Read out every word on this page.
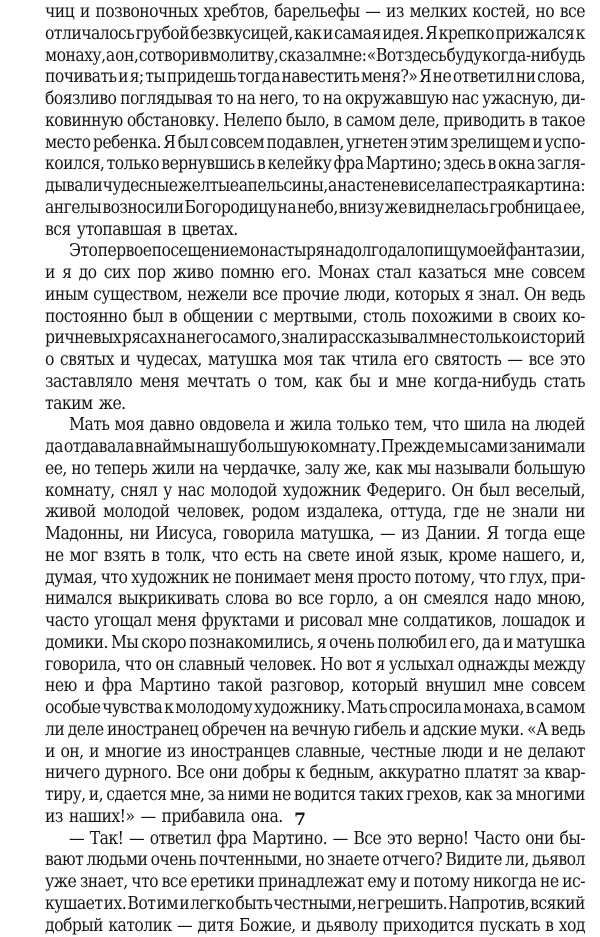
чиц и позвоночных хребтов, барельефы — из мелких костей, но все
отличалось грубой безвкусицей, как и самая идея. Я крепко прижался к
монаху, а он, сотворив молитву, сказал мне: «Вот здесь буду когда-нибудь
почивать и я; ты придешь тогда навестить меня?» Я не ответил ни слова,
боязливо поглядывая то на него, то на окружавшую нас ужасную, ди-
ковинную обстановку. Нелепо было, в самом деле, приводить в такое
место ребенка. Я был совсем подавлен, угнетен этим зрелищем и успо-
коился, только вернувшись в келейку фра Мартино; здесь в окна загля-
дывали чудесные желтые апельсины, а на стене висела пестрая картина:
ангелы возносили Богородицу на небо, внизу же виднелась гробница ее,
вся утопавшая в цветах.
Это первое посещение монастыря надолго дало пищу моей фантазии,
и я до сих пор живо помню его. Монах стал казаться мне совсем
иным существом, нежели все прочие люди, которых я знал. Он ведь
постоянно был в общении с мертвыми, столь похожими в своих ко-
ричневых рясах на него самого, знал и рассказывал мне столько историй
о святых и чудесах, матушка моя так чтила его святость — все это
заставляло меня мечтать о том, как бы и мне когда-нибудь стать
таким же.
Мать моя давно овдовела и жила только тем, что шила на людей
да отдавала внаймы нашу большую комнату. Прежде мы сами занимали
ее, но теперь жили на чердачке, залу же, как мы называли большую
комнату, снял у нас молодой художник Федериго. Он был веселый,
живой молодой человек, родом издалека, оттуда, где не знали ни
Мадонны, ни Иисуса, говорила матушка, — из Дании. Я тогда еще
не мог взять в толк, что есть на свете иной язык, кроме нашего, и,
думая, что художник не понимает меня просто потому, что глух, при-
нимался выкрикивать слова во все горло, а он смеялся надо мною,
часто угощал меня фруктами и рисовал мне солдатиков, лошадок и
домики. Мы скоро познакомились, я очень полюбил его, да и матушка
говорила, что он славный человек. Но вот я услыхал однажды между
нею и фра Мартино такой разговор, который внушил мне совсем
особые чувства к молодому художнику. Мать спросила монаха, в самом
ли деле иностранец обречен на вечную гибель и адские муки. «А ведь
и он, и многие из иностранцев славные, честные люди и не делают
ничего дурного. Все они добры к бедным, аккуратно платят за квар-
тиру, и, сдается мне, за ними не водится таких грехов, как за многими
из наших!» — прибавила она.
— Так! — ответил фра Мартино. — Все это верно! Часто они бы-
вают людьми очень почтенными, но знаете отчего? Видите ли, дьявол
уже знает, что все еретики принадлежат ему и потому никогда не ис-
кушает их. Вот им и легко быть честными, не грешить. Напротив, всякий
добрый католик — дитя Божие, и дьяволу приходится пускать в ход
7
